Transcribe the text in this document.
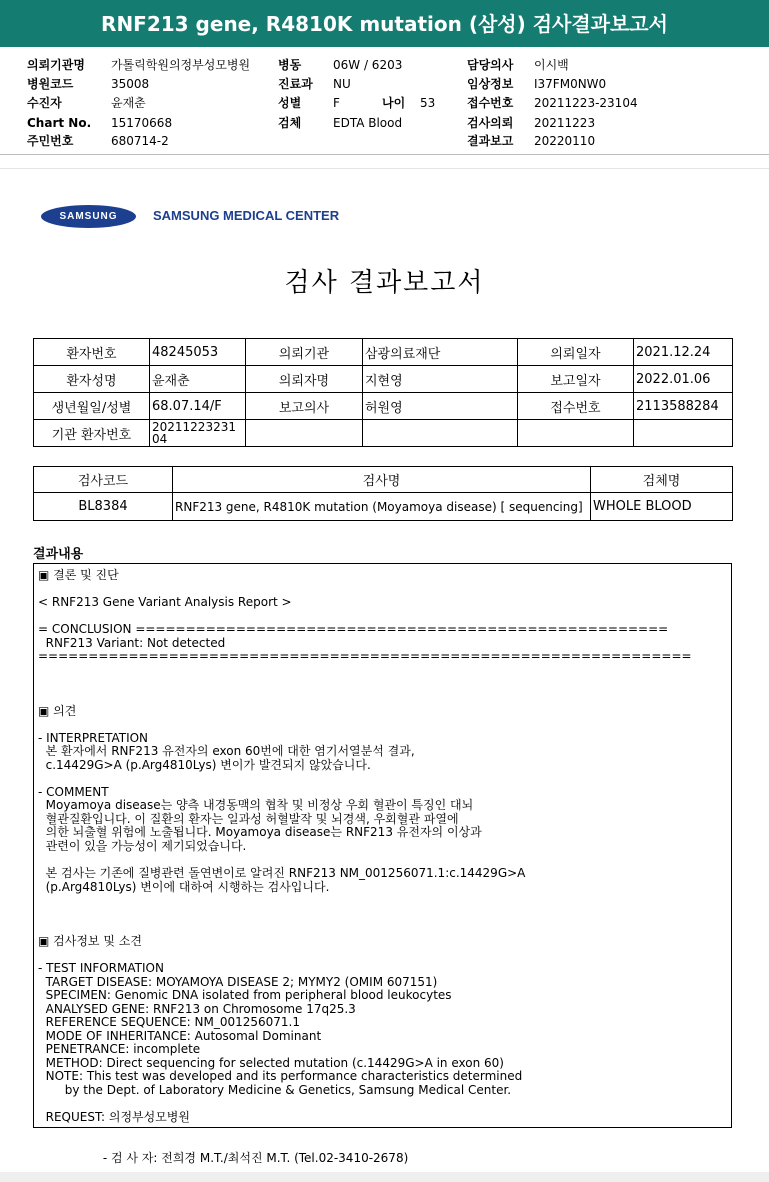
RNF213 gene, R4810K mutation (삼성) 검사결과보고서
의뢰기관명 가톨릭학원의정부성모병원
병원코드	35008
수진자	윤재춘
Chart No. 15170668
주민번호	680714-2
병동	06W / 6203
진료과 NU
성별	F	나이 53
검체	EDTA Blood
담당의사 이시백
임상정보 I37FM0NW0
접수번호 20211223-23104
검사의뢰 20211223
결과보고 20220110
SAMSUNG	SAMSUNG MEDICAL CENTER
검사 결과보고서
환자번호	48245053	의뢰기관	삼광의료재단	의뢰일자	2021.12.24
환자성명	윤재춘	의뢰자명	지현영	보고일자	2022.01.06
생년월일/성별	68.07.14/F	보고의사	허원영	접수번호	2113588284
기관 환자번호	20211223231 04				
검사코드	검사명	검체명
BL8384	RNF213 gene, R4810K mutation (Moyamoya disease) [ sequencing]	WHOLE BLOOD
결과내용
▣ 결론 및 진단
< RNF213 Gene Variant Analysis Report >
= CONCLUSION =====================================================
RNF213 Variant: Not detected
=================================================================
▣ 의견
- INTERPRETATION
본 환자에서 RNF213 유전자의 exon 60번에 대한 염기서열분석 결과,
c.14429G>A (p.Arg4810Lys) 변이가 발견되지 않았습니다.
- COMMENT
Moyamoya disease는 양측 내경동맥의 협착 및 비정상 우회 혈관이 특징인 대뇌
혈관질환입니다. 이 질환의 환자는 일과성 허혈발작 및 뇌경색, 우회혈관 파열에
의한 뇌출혈 위험에 노출됩니다. Moyamoya disease는 RNF213 유전자의 이상과
관련이 있을 가능성이 제기되었습니다.
본 검사는 기존에 질병관련 돌연변이로 알려진 RNF213 NM_001256071.1:c.14429G>A
(p.Arg4810Lys) 변이에 대하여 시행하는 검사입니다.
▣ 검사정보 및 소견
- TEST INFORMATION
TARGET DISEASE: MOYAMOYA DISEASE 2; MYMY2 (OMIM 607151)
SPECIMEN: Genomic DNA isolated from peripheral blood leukocytes
ANALYSED GENE: RNF213 on Chromosome 17q25.3
REFERENCE SEQUENCE: NM_001256071.1
MODE OF INHERITANCE: Autosomal Dominant
PENETRANCE: incomplete
METHOD: Direct sequencing for selected mutation (c.14429G>A in exon 60)
NOTE: This test was developed and its performance characteristics determined
by the Dept. of Laboratory Medicine & Genetics, Samsung Medical Center.
REQUEST: 의정부성모병원
- 검 사 자: 전희경 M.T./최석진 M.T. (Tel.02-3410-2678)
